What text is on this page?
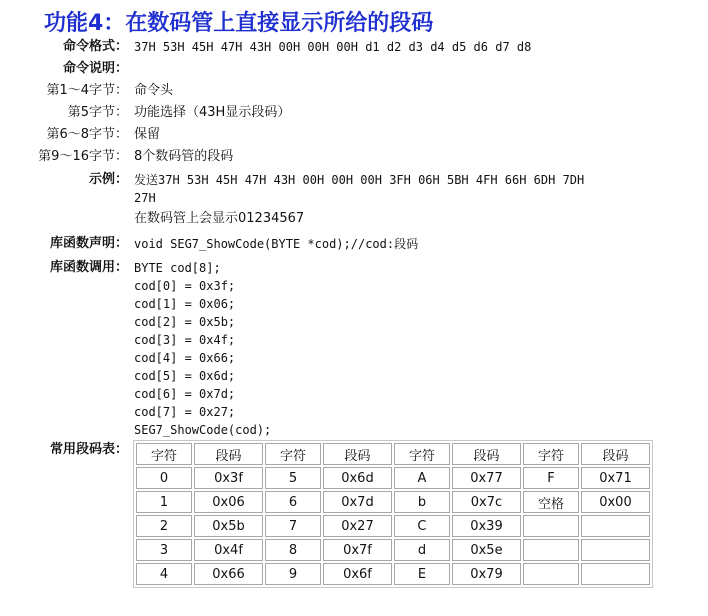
功能4：在数码管上直接显示所给的段码
命令格式： 37H 53H 45H 47H 43H 00H 00H 00H d1 d2 d3 d4 d5 d6 d7 d8
命令说明：
第1～4字节： 命令头
第5字节： 功能选择（43H显示段码）
第6～8字节： 保留
第9～16字节： 8个数码管的段码
示例： 发送37H 53H 45H 47H 43H 00H 00H 00H 3FH 06H 5BH 4FH 66H 6DH 7DH
27H
在数码管上会显示01234567
库函数声明： void SEG7_ShowCode(BYTE *cod);//cod:段码
库函数调用： BYTE cod[8];
cod[0] = 0x3f;
cod[1] = 0x06;
cod[2] = 0x5b;
cod[3] = 0x4f;
cod[4] = 0x66;
cod[5] = 0x6d;
cod[6] = 0x7d;
cod[7] = 0x27;
SEG7_ShowCode(cod);
常用段码表： 字符	段码	字符	段码	字符	段码	字符	段码
0	0x3f	5	0x6d	A	0x77	F	0x71
1	0x06	6	0x7d	b	0x7c	空格	0x00
2	0x5b	7	0x27	C	0x39		
3	0x4f	8	0x7f	d	0x5e		
4	0x66	9	0x6f	E	0x79		
